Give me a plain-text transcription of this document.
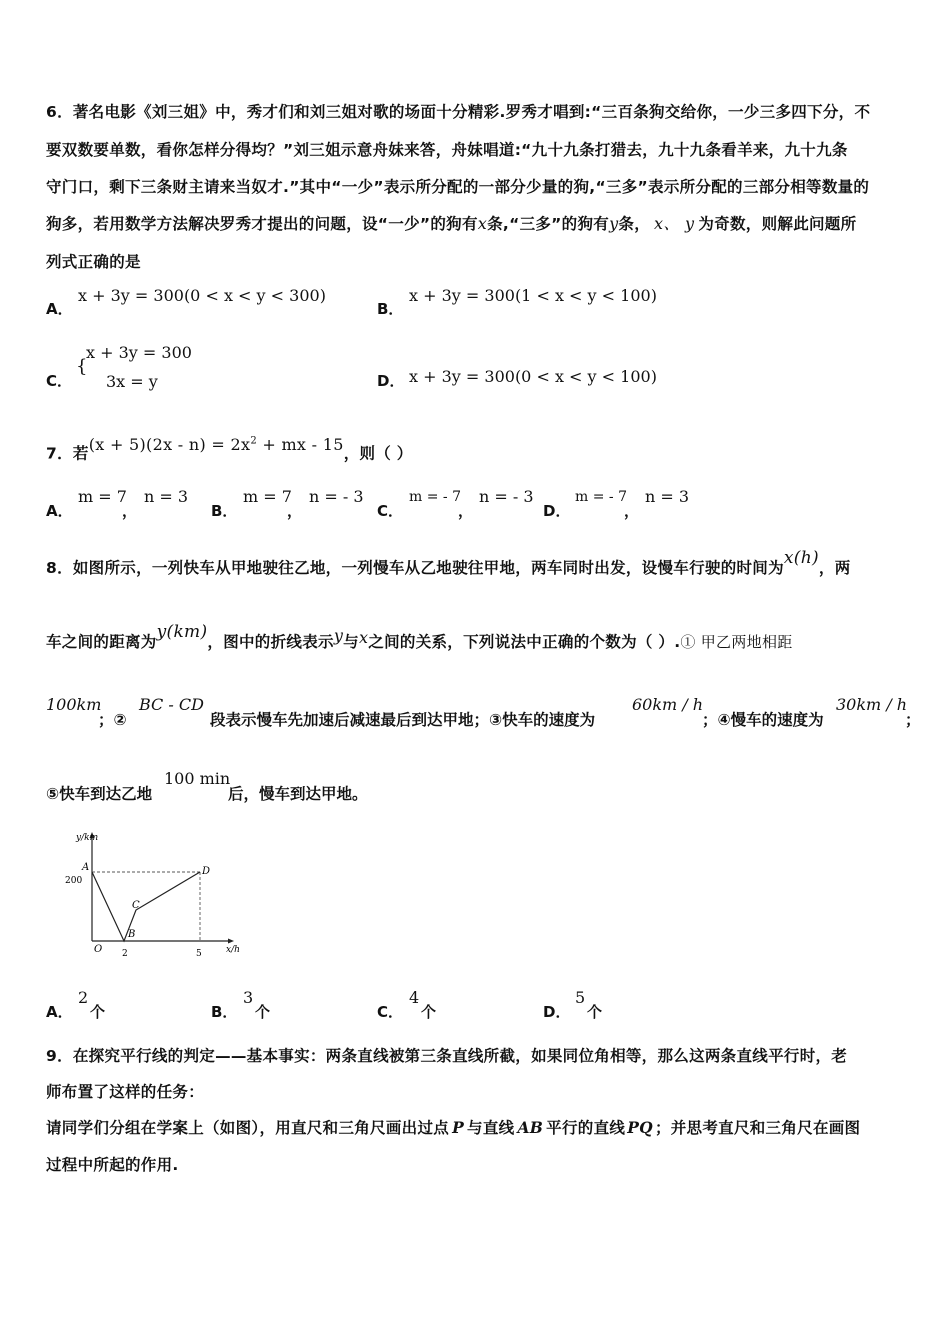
6．著名电影《刘三姐》中，秀才们和刘三姐对歌的场面十分精彩.罗秀才唱到:“三百条狗交给你，一少三多四下分，不
要双数要单数，看你怎样分得均？”刘三姐示意舟妹来答，舟妹唱道:“九十九条打猎去，九十九条看羊来，九十九条
守门口，剩下三条财主请来当奴才.”其中“一少”表示所分配的一部分少量的狗,“三多”表示所分配的三部分相等数量的
狗多，若用数学方法解决罗秀才提出的问题，设“一少”的狗有x条,“三多”的狗有y条， x、 y 为奇数，则解此问题所
列式正确的是
A．
x + 3y = 300(0 < x < y < 300)
B．
x + 3y = 300(1 < x < y < 100)
C．
{
x + 3y = 300
3x = y	D． x + 3y = 300(0 < x < y < 100)
7．若$(x + 5)(2x - n) = 2x^2$ + mx - 15，则（ ）
A．
m = 7
，
n = 3
B．
m = 7
，
n = - 3
C．
m = - 7
，
n = - 3
D．
m = - 7
，
n = 3
8．如图所示，一列快车从甲地驶往乙地，一列慢车从乙地驶往甲地，两车同时出发，设慢车行驶的时间为x(h)，两
车之间的距离为y(km)，图中的折线表示y与x之间的关系，下列说法中正确的个数为（ ）.① 甲乙两地相距
100km
；②
BC - CD
段表示慢车先加速后减速最后到达甲地；③快车的速度为
60km / h
；④慢车的速度为
30km / h
；
⑤快车到达乙地
100 min
后，慢车到达甲地。
y/km
x/h
A
200
D
C
B
O 2	5
A．
2
个	B．
3
个	C．
4
个	D．
5
个
9．在探究平行线的判定——基本事实：两条直线被第三条直线所截，如果同位角相等，那么这两条直线平行时，老
师布置了这样的任务：
请同学们分组在学案上（如图），用直尺和三角尺画出过点 P 与直线 AB 平行的直线 PQ ；并思考直尺和三角尺在画图
过程中所起的作用.
